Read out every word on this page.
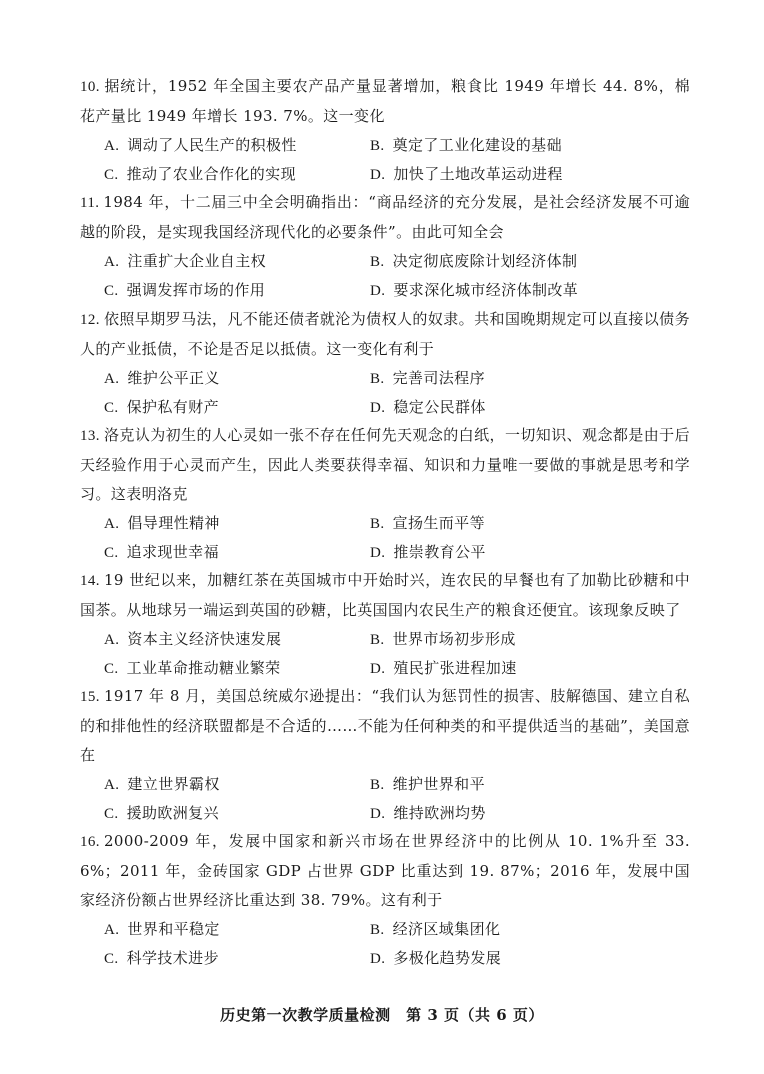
10. 据统计，1952 年全国主要农产品产量显著增加，粮食比 1949 年增长 44. 8%，棉花产量比 1949 年增长 193. 7%。这一变化
A. 调动了人民生产的积极性	B. 奠定了工业化建设的基础
C. 推动了农业合作化的实现	D. 加快了土地改革运动进程
11. 1984 年，十二届三中全会明确指出：“商品经济的充分发展，是社会经济发展不可逾越的阶段，是实现我国经济现代化的必要条件”。由此可知全会
A. 注重扩大企业自主权	B. 决定彻底废除计划经济体制
C. 强调发挥市场的作用	D. 要求深化城市经济体制改革
12. 依照早期罗马法，凡不能还债者就沦为债权人的奴隶。共和国晚期规定可以直接以债务人的产业抵债，不论是否足以抵债。这一变化有利于
A. 维护公平正义	B. 完善司法程序
C. 保护私有财产	D. 稳定公民群体
13. 洛克认为初生的人心灵如一张不存在任何先天观念的白纸，一切知识、观念都是由于后天经验作用于心灵而产生，因此人类要获得幸福、知识和力量唯一要做的事就是思考和学习。这表明洛克
A. 倡导理性精神	B. 宣扬生而平等
C. 追求现世幸福	D. 推崇教育公平
14. 19 世纪以来，加糖红茶在英国城市中开始时兴，连农民的早餐也有了加勒比砂糖和中国茶。从地球另一端运到英国的砂糖，比英国国内农民生产的粮食还便宜。该现象反映了
A. 资本主义经济快速发展	B. 世界市场初步形成
C. 工业革命推动糖业繁荣	D. 殖民扩张进程加速
15. 1917 年 8 月，美国总统威尔逊提出：“我们认为惩罚性的损害、肢解德国、建立自私的和排他性的经济联盟都是不合适的……不能为任何种类的和平提供适当的基础”，美国意在
A. 建立世界霸权	B. 维护世界和平
C. 援助欧洲复兴	D. 维持欧洲均势
16. 2000-2009 年，发展中国家和新兴市场在世界经济中的比例从 10. 1%升至 33. 6%；2011 年，金砖国家 GDP 占世界 GDP 比重达到 19. 87%；2016 年，发展中国家经济份额占世界经济比重达到 38. 79%。这有利于
A. 世界和平稳定	B. 经济区域集团化
C. 科学技术进步	D. 多极化趋势发展
历史第一次教学质量检测　第 3 页（共 6 页）
